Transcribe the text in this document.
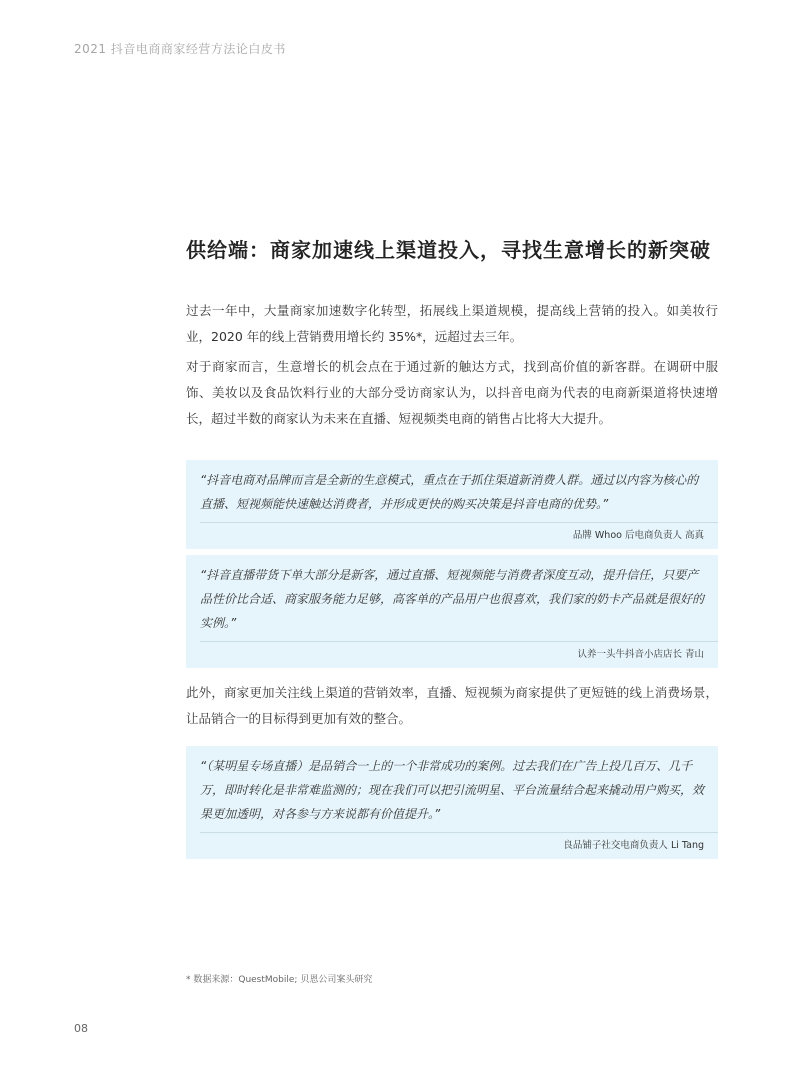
2021 抖音电商商家经营方法论白皮书
供给端：商家加速线上渠道投入，寻找生意增长的新突破
过去一年中，大量商家加速数字化转型，拓展线上渠道规模，提高线上营销的投入。如美妆行业，2020 年的线上营销费用增长约 35%*，远超过去三年。
对于商家而言，生意增长的机会点在于通过新的触达方式，找到高价值的新客群。在调研中服饰、美妆以及食品饮料行业的大部分受访商家认为，以抖音电商为代表的电商新渠道将快速增长，超过半数的商家认为未来在直播、短视频类电商的销售占比将大大提升。
“抖音电商对品牌而言是全新的生意模式，重点在于抓住渠道新消费人群。通过以内容为核心的直播、短视频能快速触达消费者，并形成更快的购买决策是抖音电商的优势。”
品牌 Whoo 后电商负责人 高真
“抖音直播带货下单大部分是新客，通过直播、短视频能与消费者深度互动，提升信任，只要产品性价比合适、商家服务能力足够，高客单的产品用户也很喜欢，我们家的奶卡产品就是很好的实例。”
认养一头牛抖音小店店长 青山
此外，商家更加关注线上渠道的营销效率，直播、短视频为商家提供了更短链的线上消费场景，让品销合一的目标得到更加有效的整合。
“（某明星专场直播）是品销合一上的一个非常成功的案例。过去我们在广告上投几百万、几千万，即时转化是非常难监测的；现在我们可以把引流明星、平台流量结合起来撬动用户购买，效果更加透明，对各参与方来说都有价值提升。”
良品铺子社交电商负责人 Li Tang
* 数据来源：QuestMobile; 贝恩公司案头研究
08
